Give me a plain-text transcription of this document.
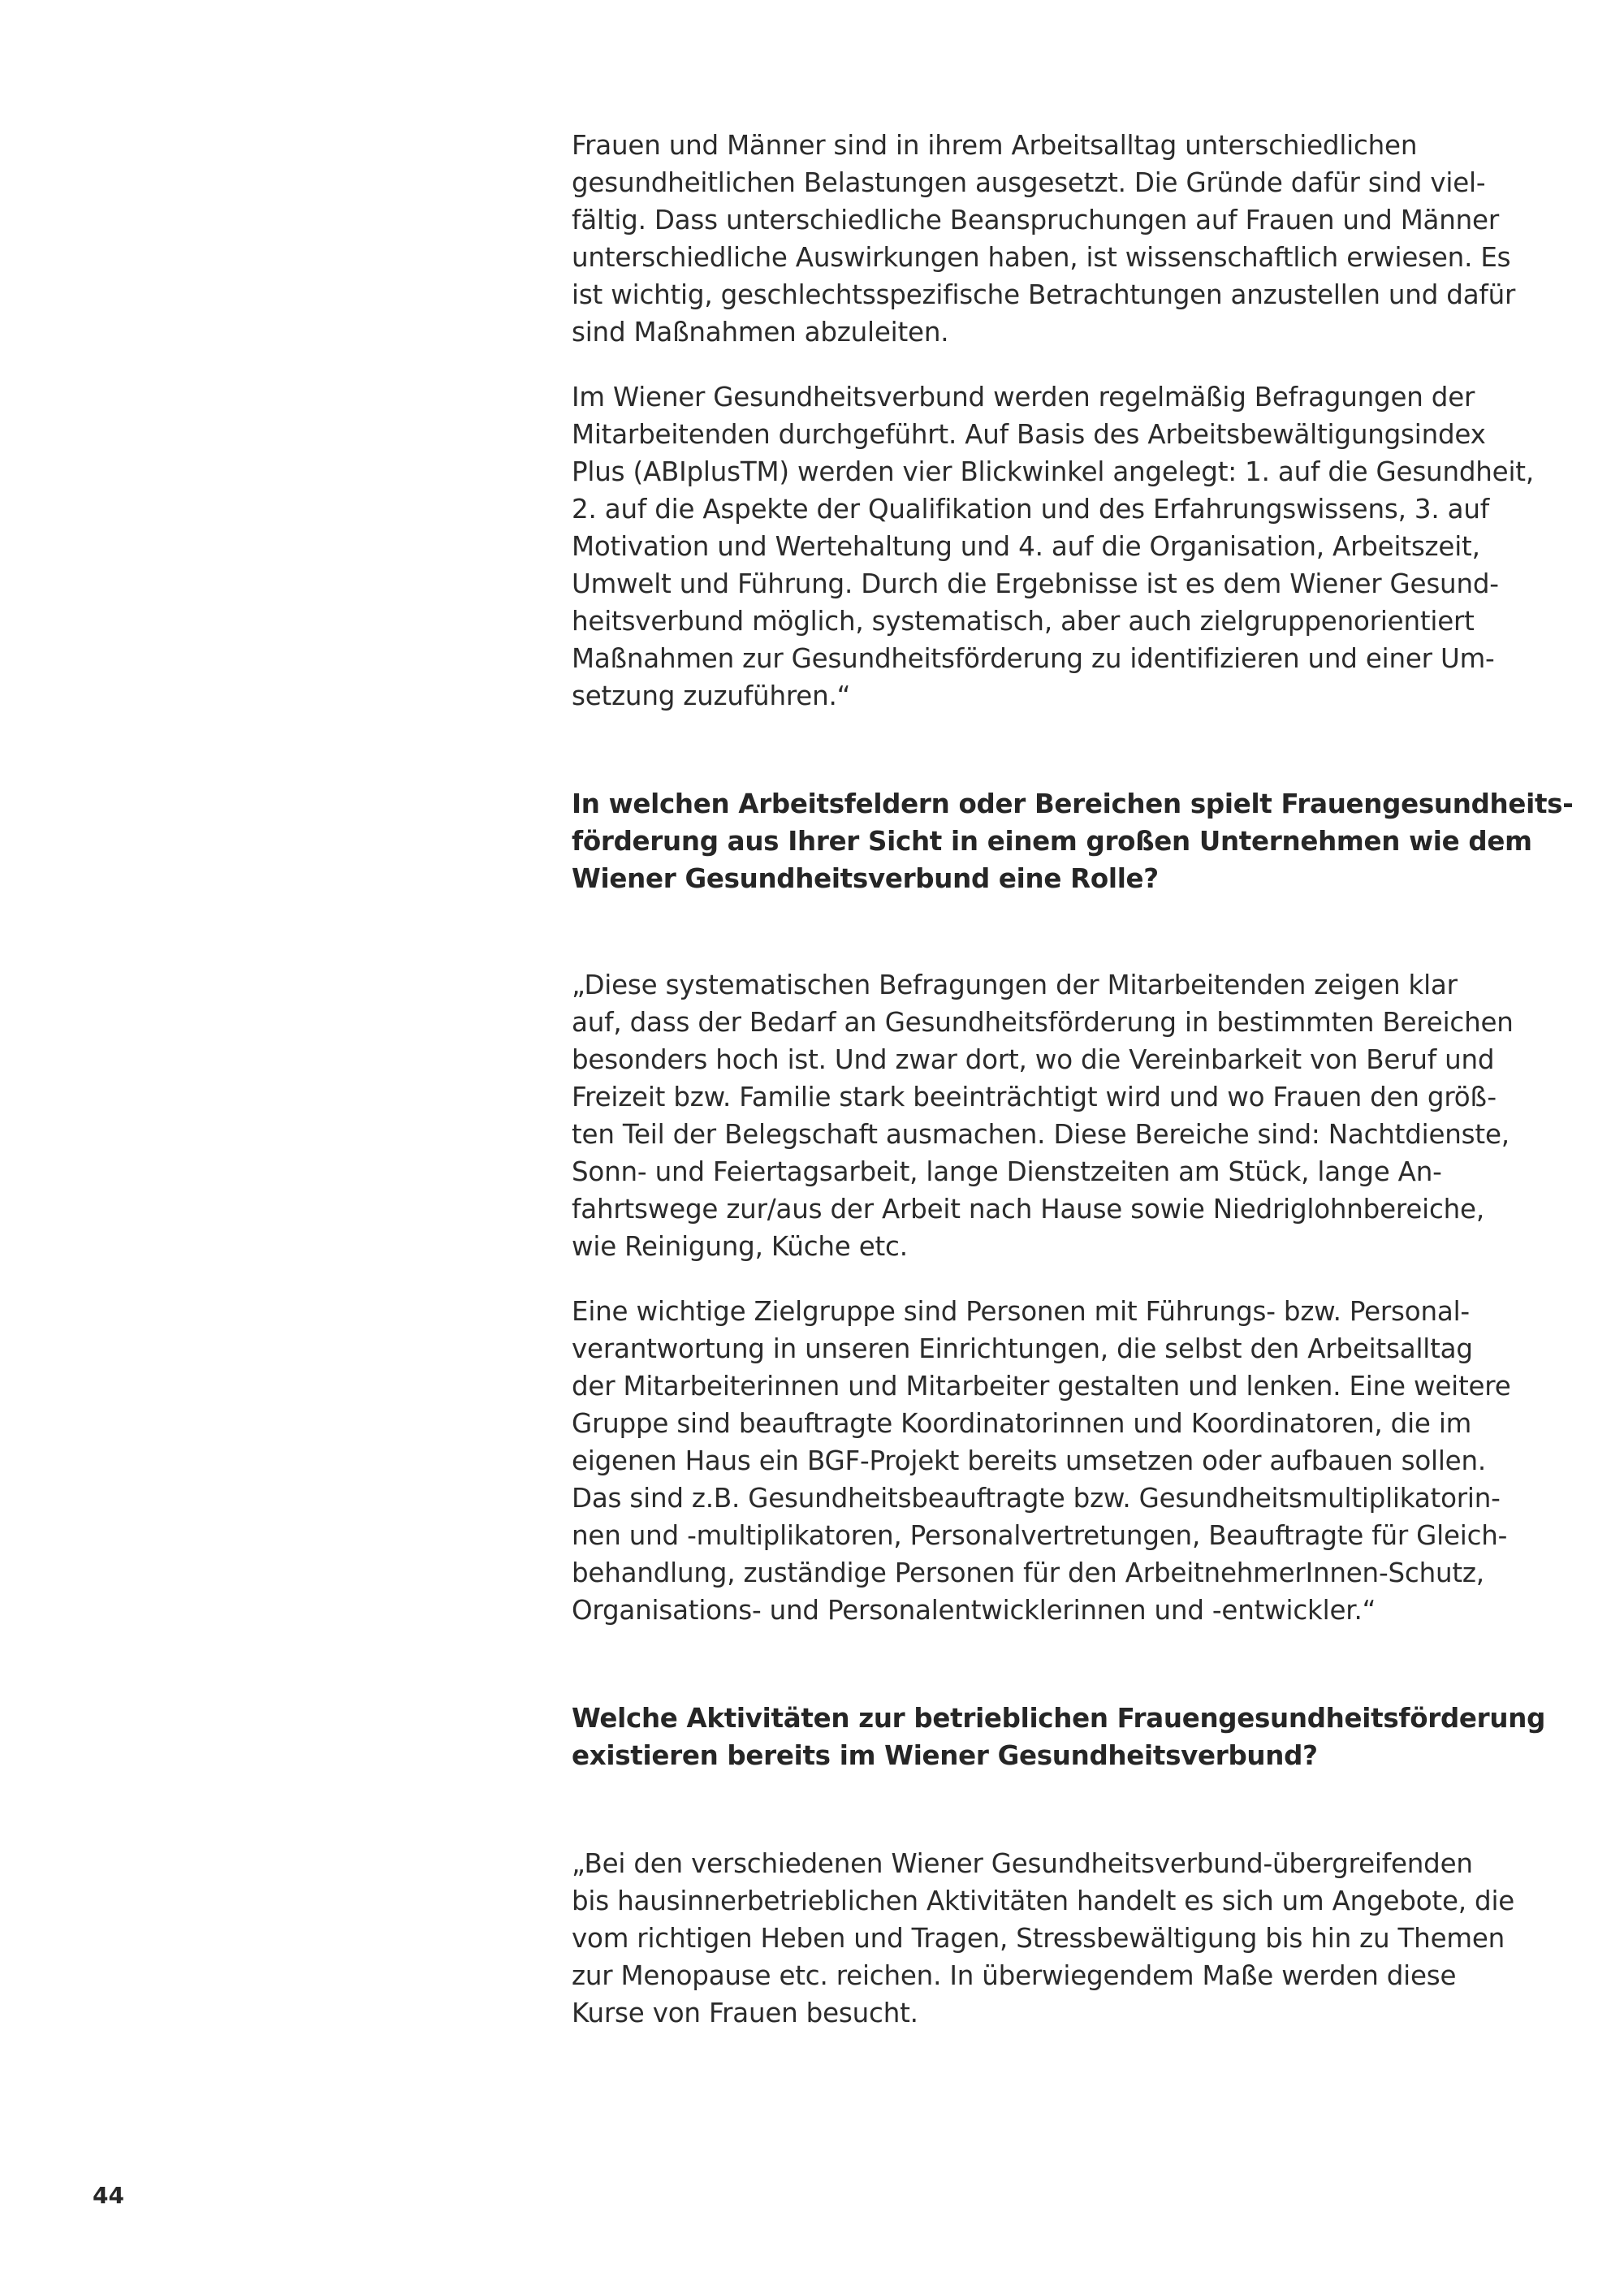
Frauen und Männer sind in ihrem Arbeitsalltag unterschiedlichen

gesundheitlichen Belastungen ausgesetzt. Die Gründe dafür sind viel-

fältig. Dass unterschiedliche Beanspruchungen auf Frauen und Männer

unterschiedliche Auswirkungen haben, ist wissenschaftlich erwiesen. Es

ist wichtig, geschlechtsspezifische Betrachtungen anzustellen und dafür

sind Maßnahmen abzuleiten.

Im Wiener Gesundheitsverbund werden regelmäßig Befragungen der

Mitarbeitenden durchgeführt. Auf Basis des Arbeitsbewältigungsindex

Plus (ABIplusTM) werden vier Blickwinkel angelegt: 1. auf die Gesundheit,

2. auf die Aspekte der Qualifikation und des Erfahrungswissens, 3. auf

Motivation und Wertehaltung und 4. auf die Organisation, Arbeitszeit,

Umwelt und Führung. Durch die Ergebnisse ist es dem Wiener Gesund-

heitsverbund möglich, systematisch, aber auch zielgruppenorientiert

Maßnahmen zur Gesundheitsförderung zu identifizieren und einer Um-

setzung zuzuführen.“

In welchen Arbeitsfeldern oder Bereichen spielt Frauengesundheits-

förderung aus Ihrer Sicht in einem großen Unternehmen wie dem

Wiener Gesundheitsverbund eine Rolle?

„Diese systematischen Befragungen der Mitarbeitenden zeigen klar

auf, dass der Bedarf an Gesundheitsförderung in bestimmten Bereichen

besonders hoch ist. Und zwar dort, wo die Vereinbarkeit von Beruf und

Freizeit bzw. Familie stark beeinträchtigt wird und wo Frauen den größ-

ten Teil der Belegschaft ausmachen. Diese Bereiche sind: Nachtdienste,

Sonn- und Feiertagsarbeit, lange Dienstzeiten am Stück, lange An-

fahrtswege zur/aus der Arbeit nach Hause sowie Niedriglohnbereiche,

wie Reinigung, Küche etc.

Eine wichtige Zielgruppe sind Personen mit Führungs- bzw. Personal-

verantwortung in unseren Einrichtungen, die selbst den Arbeitsalltag

der Mitarbeiterinnen und Mitarbeiter gestalten und lenken. Eine weitere

Gruppe sind beauftragte Koordinatorinnen und Koordinatoren, die im

eigenen Haus ein BGF-Projekt bereits umsetzen oder aufbauen sollen.

Das sind z.B. Gesundheitsbeauftragte bzw. Gesundheitsmultiplikatorin-

nen und -multiplikatoren, Personalvertretungen, Beauftragte für Gleich-

behandlung, zuständige Personen für den ArbeitnehmerInnen-Schutz,

Organisations- und Personalentwicklerinnen und -entwickler.“

Welche Aktivitäten zur betrieblichen Frauengesundheitsförderung

existieren bereits im Wiener Gesundheitsverbund?

„Bei den verschiedenen Wiener Gesundheitsverbund-übergreifenden

bis hausinnerbetrieblichen Aktivitäten handelt es sich um Angebote, die

vom richtigen Heben und Tragen, Stressbewältigung bis hin zu Themen

zur Menopause etc. reichen. In überwiegendem Maße werden diese

Kurse von Frauen besucht.

44
